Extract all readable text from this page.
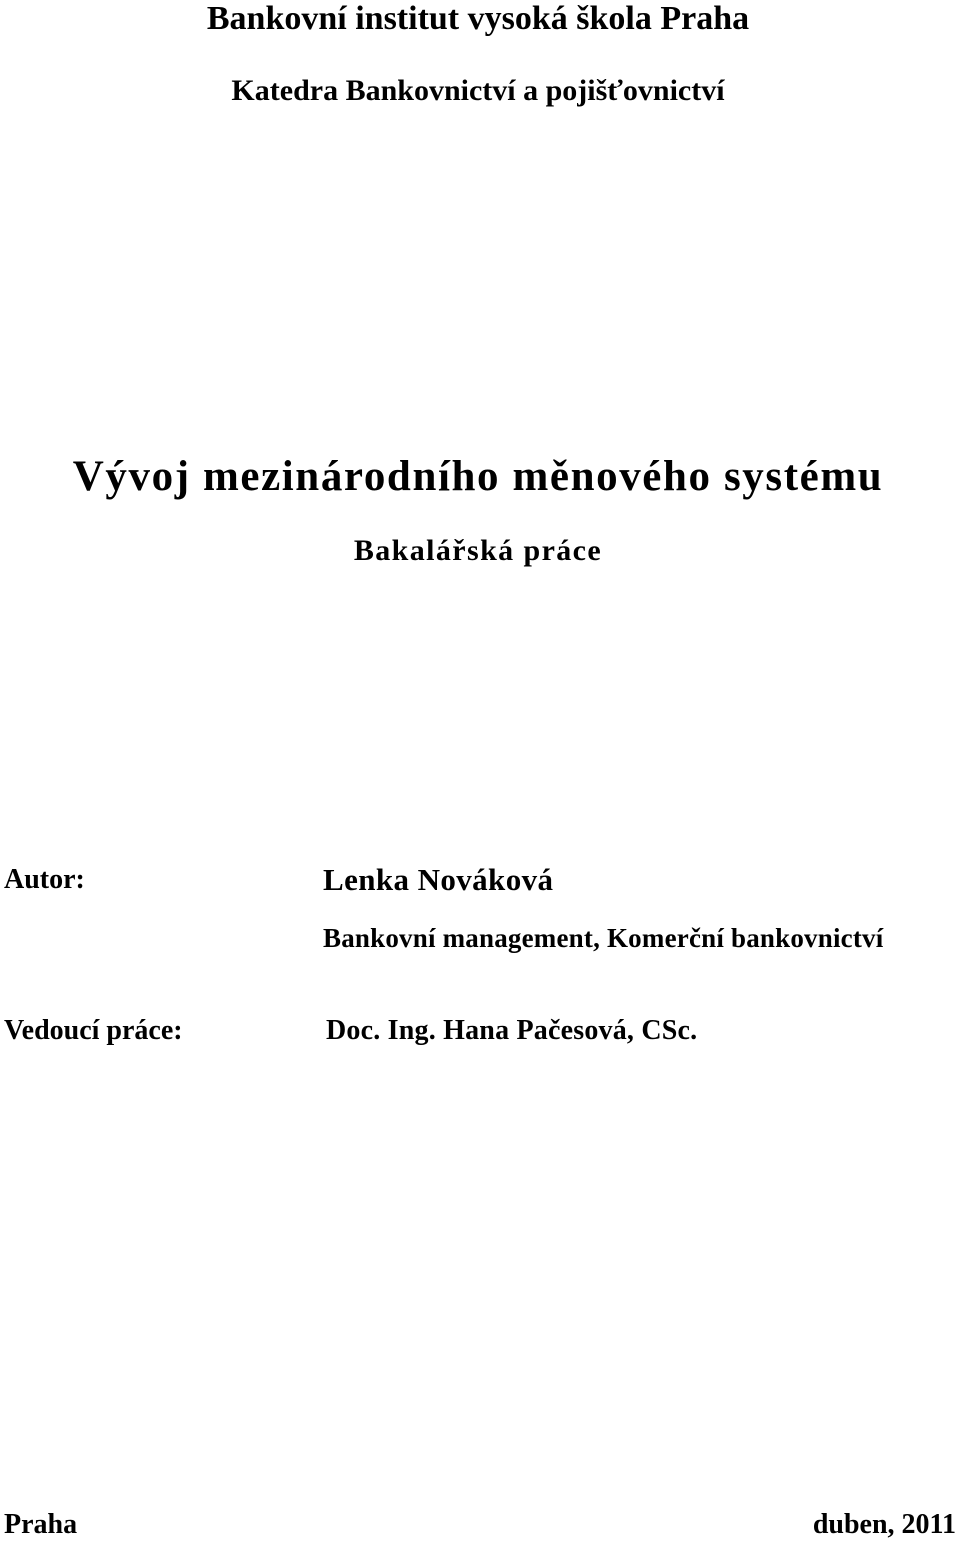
Bankovní institut vysoká škola Praha
Katedra Bankovnictví a pojišťovnictví
Vývoj mezinárodního měnového systému
Bakalářská práce
Autor:	Lenka Nováková
Bankovní management, Komerční bankovnictví
Vedoucí práce:	Doc. Ing. Hana Pačesová, CSc.
Praha	duben, 2011
